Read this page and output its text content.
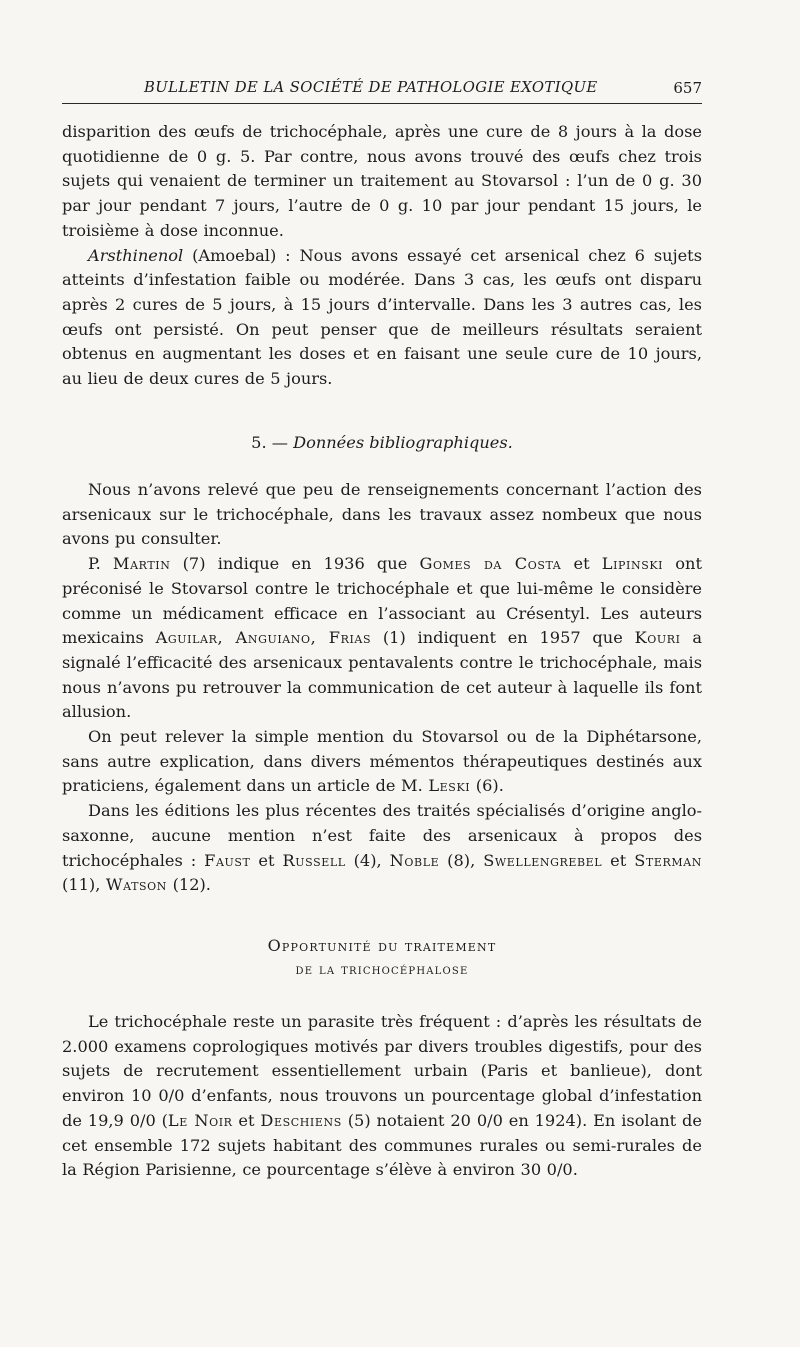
BULLETIN DE LA SOCIÉTÉ DE PATHOLOGIE EXOTIQUE	657

disparition des œufs de trichocéphale, après une cure de 8 jours à la dose quotidienne de 0 g. 5. Par contre, nous avons trouvé des œufs chez trois sujets qui venaient de terminer un traitement au Stovarsol : l’un de 0 g. 30 par jour pendant 7 jours, l’autre de 0 g. 10 par jour pendant 15 jours, le troisième à dose inconnue.

Arsthinenol (Amoebal) : Nous avons essayé cet arsenical chez 6 sujets atteints d’infestation faible ou modérée. Dans 3 cas, les œufs ont disparu après 2 cures de 5 jours, à 15 jours d’intervalle. Dans les 3 autres cas, les œufs ont persisté. On peut penser que de meilleurs résultats seraient obtenus en augmentant les doses et en faisant une seule cure de 10 jours, au lieu de deux cures de 5 jours.

5. — Données bibliographiques.

Nous n’avons relevé que peu de renseignements concernant l’action des arsenicaux sur le trichocéphale, dans les travaux assez nombeux que nous avons pu consulter.

P. Martin (7) indique en 1936 que Gomes da Costa et Lipinski ont préconisé le Stovarsol contre le trichocéphale et que lui-même le considère comme un médicament efficace en l’associant au Crésentyl. Les auteurs mexicains Aguilar, Anguiano, Frias (1) indiquent en 1957 que Kouri a signalé l’efficacité des arsenicaux pentavalents contre le trichocéphale, mais nous n’avons pu retrouver la communication de cet auteur à laquelle ils font allusion.

On peut relever la simple mention du Stovarsol ou de la Diphétarsone, sans autre explication, dans divers mémentos thérapeutiques destinés aux praticiens, également dans un article de M. Leski (6).

Dans les éditions les plus récentes des traités spécialisés d’origine anglo-saxonne, aucune mention n’est faite des arsenicaux à propos des trichocéphales : Faust et Russell (4), Noble (8), Swellengrebel et Sterman (11), Watson (12).

Opportunité du traitement
de la trichocéphalose

Le trichocéphale reste un parasite très fréquent : d’après les résultats de 2.000 examens coprologiques motivés par divers troubles digestifs, pour des sujets de recrutement essentiellement urbain (Paris et banlieue), dont environ 10 0/0 d’enfants, nous trouvons un pourcentage global d’infestation de 19,9 0/0 (Le Noir et Deschiens (5) notaient 20 0/0 en 1924). En isolant de cet ensemble 172 sujets habitant des communes rurales ou semi-rurales de la Région Parisienne, ce pourcentage s’élève à environ 30 0/0.
